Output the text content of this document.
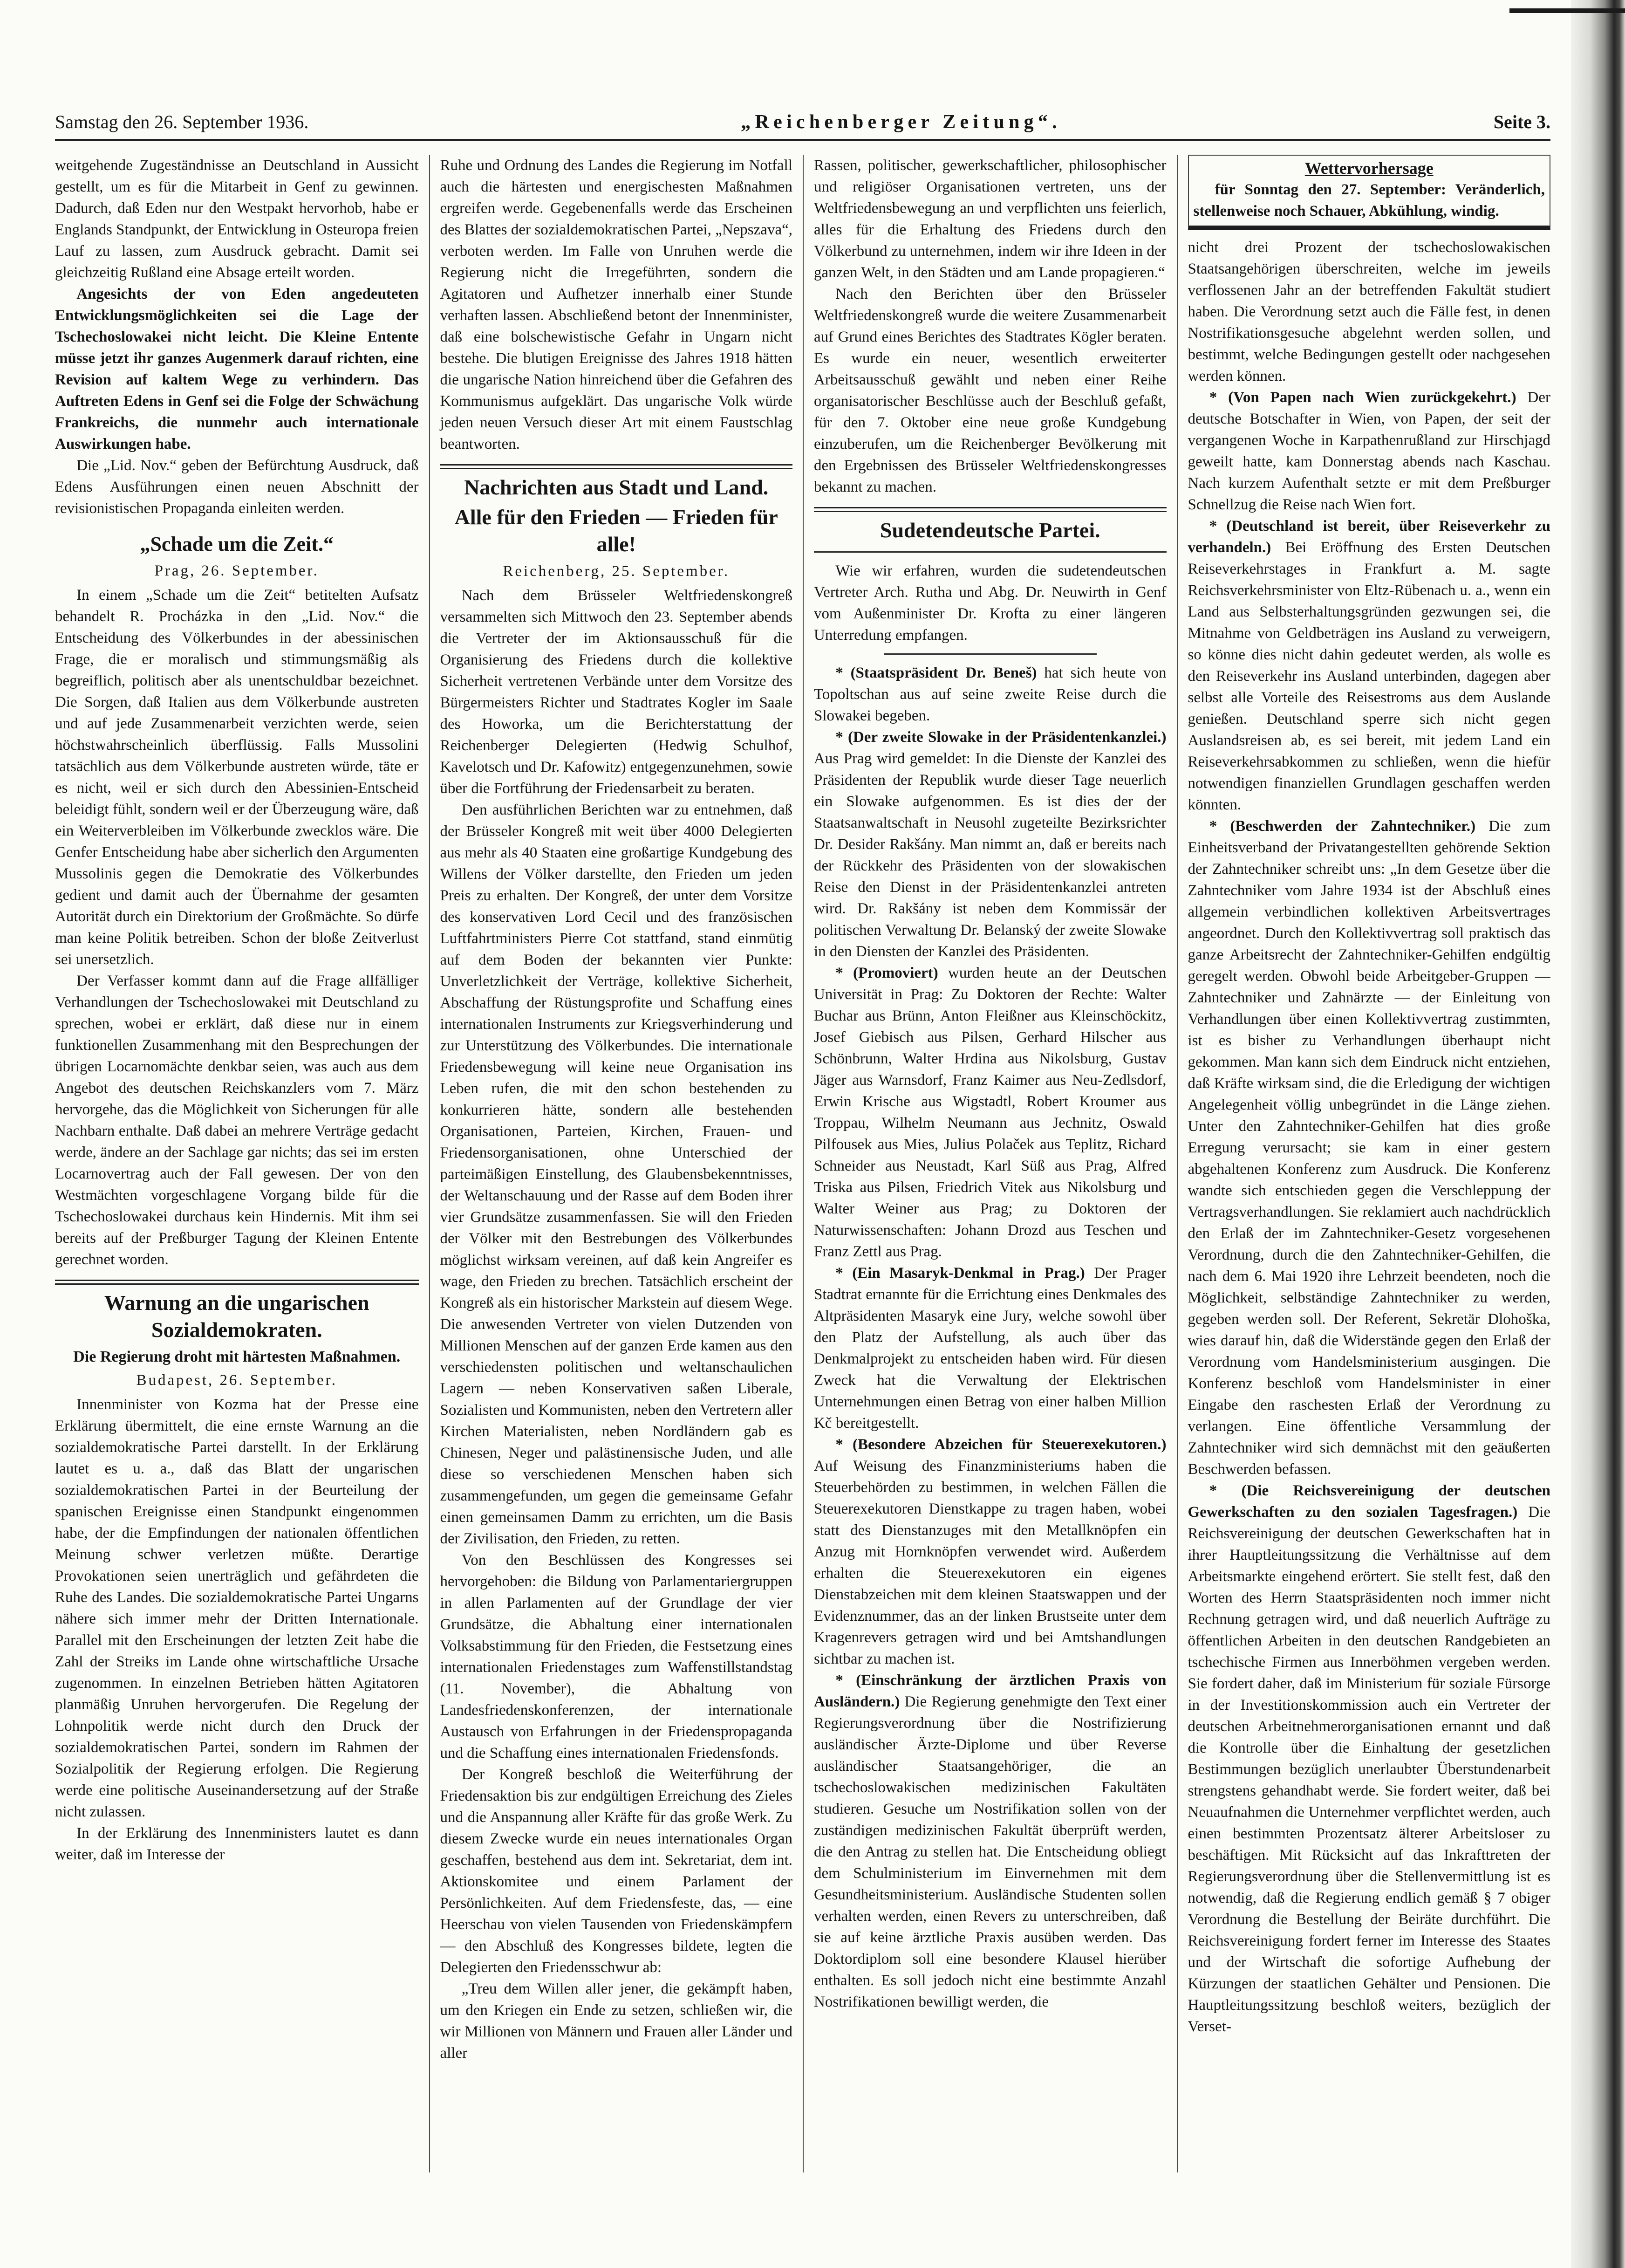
Samstag den 26. September 1936.	„Reichenberger Zeitung“.	Seite 3.

weitgehende Zugeständnisse an Deutschland in Aussicht gestellt, um es für die Mitarbeit in Genf zu gewinnen. Dadurch, daß Eden nur den Westpakt hervorhob, habe er Englands Standpunkt, der Entwicklung in Osteuropa freien Lauf zu lassen, zum Ausdruck gebracht. Damit sei gleichzeitig Rußland eine Absage erteilt worden.

Angesichts der von Eden angedeuteten Entwicklungsmöglichkeiten sei die Lage der Tschechoslowakei nicht leicht. Die Kleine Entente müsse jetzt ihr ganzes Augenmerk darauf richten, eine Revision auf kaltem Wege zu verhindern. Das Auftreten Edens in Genf sei die Folge der Schwächung Frankreichs, die nunmehr auch internationale Auswirkungen habe.

Die „Lid. Nov.“ geben der Befürchtung Ausdruck, daß Edens Ausführungen einen neuen Abschnitt der revisionistischen Propaganda einleiten werden.

„Schade um die Zeit.“
Prag, 26. September.

In einem „Schade um die Zeit“ betitelten Aufsatz behandelt R. Procházka in den „Lid. Nov.“ die Entscheidung des Völkerbundes in der abessinischen Frage, die er moralisch und stimmungsmäßig als begreiflich, politisch aber als unentschuldbar bezeichnet. Die Sorgen, daß Italien aus dem Völkerbunde austreten und auf jede Zusammenarbeit verzichten werde, seien höchstwahrscheinlich überflüssig. Falls Mussolini tatsächlich aus dem Völkerbunde austreten würde, täte er es nicht, weil er sich durch den Abessinien-Entscheid beleidigt fühlt, sondern weil er der Überzeugung wäre, daß ein Weiterverbleiben im Völkerbunde zwecklos wäre. Die Genfer Entscheidung habe aber sicherlich den Argumenten Mussolinis gegen die Demokratie des Völkerbundes gedient und damit auch der Übernahme der gesamten Autorität durch ein Direktorium der Großmächte. So dürfe man keine Politik betreiben. Schon der bloße Zeitverlust sei unersetzlich.

Der Verfasser kommt dann auf die Frage allfälliger Verhandlungen der Tschechoslowakei mit Deutschland zu sprechen, wobei er erklärt, daß diese nur in einem funktionellen Zusammenhang mit den Besprechungen der übrigen Locarnomächte denkbar seien, was auch aus dem Angebot des deutschen Reichskanzlers vom 7. März hervorgehe, das die Möglichkeit von Sicherungen für alle Nachbarn enthalte. Daß dabei an mehrere Verträge gedacht werde, ändere an der Sachlage gar nichts; das sei im ersten Locarnovertrag auch der Fall gewesen. Der von den Westmächten vorgeschlagene Vorgang bilde für die Tschechoslowakei durchaus kein Hindernis. Mit ihm sei bereits auf der Preßburger Tagung der Kleinen Entente gerechnet worden.

Warnung an die ungarischen Sozialdemokraten.
Die Regierung droht mit härtesten Maßnahmen.
Budapest, 26. September.

Innenminister von Kozma hat der Presse eine Erklärung übermittelt, die eine ernste Warnung an die sozialdemokratische Partei darstellt. In der Erklärung lautet es u. a., daß das Blatt der ungarischen sozialdemokratischen Partei in der Beurteilung der spanischen Ereignisse einen Standpunkt eingenommen habe, der die Empfindungen der nationalen öffentlichen Meinung schwer verletzen müßte. Derartige Provokationen seien unerträglich und gefährdeten die Ruhe des Landes. Die sozialdemokratische Partei Ungarns nähere sich immer mehr der Dritten Internationale. Parallel mit den Erscheinungen der letzten Zeit habe die Zahl der Streiks im Lande ohne wirtschaftliche Ursache zugenommen. In einzelnen Betrieben hätten Agitatoren planmäßig Unruhen hervorgerufen. Die Regelung der Lohnpolitik werde nicht durch den Druck der sozialdemokratischen Partei, sondern im Rahmen der Sozialpolitik der Regierung erfolgen. Die Regierung werde eine politische Auseinandersetzung auf der Straße nicht zulassen.

In der Erklärung des Innenministers lautet es dann weiter, daß im Interesse der

Ruhe und Ordnung des Landes die Regierung im Notfall auch die härtesten und energischesten Maßnahmen ergreifen werde. Gegebenenfalls werde das Erscheinen des Blattes der sozialdemokratischen Partei, „Nepszava“, verboten werden. Im Falle von Unruhen werde die Regierung nicht die Irregeführten, sondern die Agitatoren und Aufhetzer innerhalb einer Stunde verhaften lassen. Abschließend betont der Innenminister, daß eine bolschewistische Gefahr in Ungarn nicht bestehe. Die blutigen Ereignisse des Jahres 1918 hätten die ungarische Nation hinreichend über die Gefahren des Kommunismus aufgeklärt. Das ungarische Volk würde jeden neuen Versuch dieser Art mit einem Faustschlag beantworten.

Nachrichten aus Stadt und Land.
Alle für den Frieden — Frieden für alle!
Reichenberg, 25. September.

Nach dem Brüsseler Weltfriedenskongreß versammelten sich Mittwoch den 23. September abends die Vertreter der im Aktionsausschuß für die Organisierung des Friedens durch die kollektive Sicherheit vertretenen Verbände unter dem Vorsitze des Bürgermeisters Richter und Stadtrates Kogler im Saale des Howorka, um die Berichterstattung der Reichenberger Delegierten (Hedwig Schulhof, Kavelotsch und Dr. Kafowitz) entgegenzunehmen, sowie über die Fortführung der Friedensarbeit zu beraten.

Den ausführlichen Berichten war zu entnehmen, daß der Brüsseler Kongreß mit weit über 4000 Delegierten aus mehr als 40 Staaten eine großartige Kundgebung des Willens der Völker darstellte, den Frieden um jeden Preis zu erhalten. Der Kongreß, der unter dem Vorsitze des konservativen Lord Cecil und des französischen Luftfahrtministers Pierre Cot stattfand, stand einmütig auf dem Boden der bekannten vier Punkte: Unverletzlichkeit der Verträge, kollektive Sicherheit, Abschaffung der Rüstungsprofite und Schaffung eines internationalen Instruments zur Kriegsverhinderung und zur Unterstützung des Völkerbundes. Die internationale Friedensbewegung will keine neue Organisation ins Leben rufen, die mit den schon bestehenden zu konkurrieren hätte, sondern alle bestehenden Organisationen, Parteien, Kirchen, Frauen- und Friedensorganisationen, ohne Unterschied der parteimäßigen Einstellung, des Glaubensbekenntnisses, der Weltanschauung und der Rasse auf dem Boden ihrer vier Grundsätze zusammenfassen. Sie will den Frieden der Völker mit den Bestrebungen des Völkerbundes möglichst wirksam vereinen, auf daß kein Angreifer es wage, den Frieden zu brechen. Tatsächlich erscheint der Kongreß als ein historischer Markstein auf diesem Wege. Die anwesenden Vertreter von vielen Dutzenden von Millionen Menschen auf der ganzen Erde kamen aus den verschiedensten politischen und weltanschaulichen Lagern — neben Konservativen saßen Liberale, Sozialisten und Kommunisten, neben den Vertretern aller Kirchen Materialisten, neben Nordländern gab es Chinesen, Neger und palästinensische Juden, und alle diese so verschiedenen Menschen haben sich zusammengefunden, um gegen die gemeinsame Gefahr einen gemeinsamen Damm zu errichten, um die Basis der Zivilisation, den Frieden, zu retten.

Von den Beschlüssen des Kongresses sei hervorgehoben: die Bildung von Parlamentariergruppen in allen Parlamenten auf der Grundlage der vier Grundsätze, die Abhaltung einer internationalen Volksabstimmung für den Frieden, die Festsetzung eines internationalen Friedenstages zum Waffenstillstandstag (11. November), die Abhaltung von Landesfriedenskonferenzen, der internationale Austausch von Erfahrungen in der Friedenspropaganda und die Schaffung eines internationalen Friedensfonds.

Der Kongreß beschloß die Weiterführung der Friedensaktion bis zur endgültigen Erreichung des Zieles und die Anspannung aller Kräfte für das große Werk. Zu diesem Zwecke wurde ein neues internationales Organ geschaffen, bestehend aus dem int. Sekretariat, dem int. Aktionskomitee und einem Parlament der Persönlichkeiten. Auf dem Friedensfeste, das, — eine Heerschau von vielen Tausenden von Friedenskämpfern — den Abschluß des Kongresses bildete, legten die Delegierten den Friedensschwur ab:

„Treu dem Willen aller jener, die gekämpft haben, um den Kriegen ein Ende zu setzen, schließen wir, die wir Millionen von Männern und Frauen aller Länder und aller

Rassen, politischer, gewerkschaftlicher, philosophischer und religiöser Organisationen vertreten, uns der Weltfriedensbewegung an und verpflichten uns feierlich, alles für die Erhaltung des Friedens durch den Völkerbund zu unternehmen, indem wir ihre Ideen in der ganzen Welt, in den Städten und am Lande propagieren.“

Nach den Berichten über den Brüsseler Weltfriedenskongreß wurde die weitere Zusammenarbeit auf Grund eines Berichtes des Stadtrates Kögler beraten. Es wurde ein neuer, wesentlich erweiterter Arbeitsausschuß gewählt und neben einer Reihe organisatorischer Beschlüsse auch der Beschluß gefaßt, für den 7. Oktober eine neue große Kundgebung einzuberufen, um die Reichenberger Bevölkerung mit den Ergebnissen des Brüsseler Weltfriedenskongresses bekannt zu machen.

Sudetendeutsche Partei.

Wie wir erfahren, wurden die sudetendeutschen Vertreter Arch. Rutha und Abg. Dr. Neuwirth in Genf vom Außenminister Dr. Krofta zu einer längeren Unterredung empfangen.

* (Staatspräsident Dr. Beneš) hat sich heute von Topoltschan aus auf seine zweite Reise durch die Slowakei begeben.

* (Der zweite Slowake in der Präsidentenkanzlei.) Aus Prag wird gemeldet: In die Dienste der Kanzlei des Präsidenten der Republik wurde dieser Tage neuerlich ein Slowake aufgenommen. Es ist dies der der Staatsanwaltschaft in Neusohl zugeteilte Bezirksrichter Dr. Desider Rakšány. Man nimmt an, daß er bereits nach der Rückkehr des Präsidenten von der slowakischen Reise den Dienst in der Präsidentenkanzlei antreten wird. Dr. Rakšány ist neben dem Kommissär der politischen Verwaltung Dr. Belanský der zweite Slowake in den Diensten der Kanzlei des Präsidenten.

* (Promoviert) wurden heute an der Deutschen Universität in Prag: Zu Doktoren der Rechte: Walter Buchar aus Brünn, Anton Fleißner aus Kleinschöckitz, Josef Giebisch aus Pilsen, Gerhard Hilscher aus Schönbrunn, Walter Hrdina aus Nikolsburg, Gustav Jäger aus Warnsdorf, Franz Kaimer aus Neu-Zedlsdorf, Erwin Krische aus Wigstadtl, Robert Kroumer aus Troppau, Wilhelm Neumann aus Jechnitz, Oswald Pilfousek aus Mies, Julius Polaček aus Teplitz, Richard Schneider aus Neustadt, Karl Süß aus Prag, Alfred Triska aus Pilsen, Friedrich Vitek aus Nikolsburg und Walter Weiner aus Prag; zu Doktoren der Naturwissenschaften: Johann Drozd aus Teschen und Franz Zettl aus Prag.

* (Ein Masaryk-Denkmal in Prag.) Der Prager Stadtrat ernannte für die Errichtung eines Denkmales des Altpräsidenten Masaryk eine Jury, welche sowohl über den Platz der Aufstellung, als auch über das Denkmalprojekt zu entscheiden haben wird. Für diesen Zweck hat die Verwaltung der Elektrischen Unternehmungen einen Betrag von einer halben Million Kč bereitgestellt.

* (Besondere Abzeichen für Steuerexekutoren.) Auf Weisung des Finanzministeriums haben die Steuerbehörden zu bestimmen, in welchen Fällen die Steuerexekutoren Dienstkappe zu tragen haben, wobei statt des Dienstanzuges mit den Metallknöpfen ein Anzug mit Hornknöpfen verwendet wird. Außerdem erhalten die Steuerexekutoren ein eigenes Dienstabzeichen mit dem kleinen Staatswappen und der Evidenznummer, das an der linken Brustseite unter dem Kragenrevers getragen wird und bei Amtshandlungen sichtbar zu machen ist.

* (Einschränkung der ärztlichen Praxis von Ausländern.) Die Regierung genehmigte den Text einer Regierungsverordnung über die Nostrifizierung ausländischer Ärzte-Diplome und über Reverse ausländischer Staatsangehöriger, die an tschechoslowakischen medizinischen Fakultäten studieren. Gesuche um Nostrifikation sollen von der zuständigen medizinischen Fakultät überprüft werden, die den Antrag zu stellen hat. Die Entscheidung obliegt dem Schulministerium im Einvernehmen mit dem Gesundheitsministerium. Ausländische Studenten sollen verhalten werden, einen Revers zu unterschreiben, daß sie auf keine ärztliche Praxis ausüben werden. Das Doktordiplom soll eine besondere Klausel hierüber enthalten. Es soll jedoch nicht eine bestimmte Anzahl Nostrifikationen bewilligt werden, die

Wettervorhersage

für Sonntag den 27. September: Veränderlich, stellenweise noch Schauer, Abkühlung, windig.

nicht drei Prozent der tschechoslowakischen Staatsangehörigen überschreiten, welche im jeweils verflossenen Jahr an der betreffenden Fakultät studiert haben. Die Verordnung setzt auch die Fälle fest, in denen Nostrifikationsgesuche abgelehnt werden sollen, und bestimmt, welche Bedingungen gestellt oder nachgesehen werden können.

* (Von Papen nach Wien zurückgekehrt.) Der deutsche Botschafter in Wien, von Papen, der seit der vergangenen Woche in Karpathenrußland zur Hirschjagd geweilt hatte, kam Donnerstag abends nach Kaschau. Nach kurzem Aufenthalt setzte er mit dem Preßburger Schnellzug die Reise nach Wien fort.

* (Deutschland ist bereit, über Reiseverkehr zu verhandeln.) Bei Eröffnung des Ersten Deutschen Reiseverkehrstages in Frankfurt a. M. sagte Reichsverkehrsminister von Eltz-Rübenach u. a., wenn ein Land aus Selbsterhaltungsgründen gezwungen sei, die Mitnahme von Geldbeträgen ins Ausland zu verweigern, so könne dies nicht dahin gedeutet werden, als wolle es den Reiseverkehr ins Ausland unterbinden, dagegen aber selbst alle Vorteile des Reisestroms aus dem Auslande genießen. Deutschland sperre sich nicht gegen Auslandsreisen ab, es sei bereit, mit jedem Land ein Reiseverkehrsabkommen zu schließen, wenn die hiefür notwendigen finanziellen Grundlagen geschaffen werden könnten.

* (Beschwerden der Zahntechniker.) Die zum Einheitsverband der Privatangestellten gehörende Sektion der Zahntechniker schreibt uns: „In dem Gesetze über die Zahntechniker vom Jahre 1934 ist der Abschluß eines allgemein verbindlichen kollektiven Arbeitsvertrages angeordnet. Durch den Kollektivvertrag soll praktisch das ganze Arbeitsrecht der Zahntechniker-Gehilfen endgültig geregelt werden. Obwohl beide Arbeitgeber-Gruppen — Zahntechniker und Zahnärzte — der Einleitung von Verhandlungen über einen Kollektivvertrag zustimmten, ist es bisher zu Verhandlungen überhaupt nicht gekommen. Man kann sich dem Eindruck nicht entziehen, daß Kräfte wirksam sind, die die Erledigung der wichtigen Angelegenheit völlig unbegründet in die Länge ziehen. Unter den Zahntechniker-Gehilfen hat dies große Erregung verursacht; sie kam in einer gestern abgehaltenen Konferenz zum Ausdruck. Die Konferenz wandte sich entschieden gegen die Verschleppung der Vertragsverhandlungen. Sie reklamiert auch nachdrücklich den Erlaß der im Zahntechniker-Gesetz vorgesehenen Verordnung, durch die den Zahntechniker-Gehilfen, die nach dem 6. Mai 1920 ihre Lehrzeit beendeten, noch die Möglichkeit, selbständige Zahntechniker zu werden, gegeben werden soll. Der Referent, Sekretär Dlohoška, wies darauf hin, daß die Widerstände gegen den Erlaß der Verordnung vom Handelsministerium ausgingen. Die Konferenz beschloß vom Handelsminister in einer Eingabe den raschesten Erlaß der Verordnung zu verlangen. Eine öffentliche Versammlung der Zahntechniker wird sich demnächst mit den geäußerten Beschwerden befassen.

* (Die Reichsvereinigung der deutschen Gewerkschaften zu den sozialen Tagesfragen.) Die Reichsvereinigung der deutschen Gewerkschaften hat in ihrer Hauptleitungssitzung die Verhältnisse auf dem Arbeitsmarkte eingehend erörtert. Sie stellt fest, daß den Worten des Herrn Staatspräsidenten noch immer nicht Rechnung getragen wird, und daß neuerlich Aufträge zu öffentlichen Arbeiten in den deutschen Randgebieten an tschechische Firmen aus Innerböhmen vergeben werden. Sie fordert daher, daß im Ministerium für soziale Fürsorge in der Investitionskommission auch ein Vertreter der deutschen Arbeitnehmerorganisationen ernannt und daß die Kontrolle über die Einhaltung der gesetzlichen Bestimmungen bezüglich unerlaubter Überstundenarbeit strengstens gehandhabt werde. Sie fordert weiter, daß bei Neuaufnahmen die Unternehmer verpflichtet werden, auch einen bestimmten Prozentsatz älterer Arbeitsloser zu beschäftigen. Mit Rücksicht auf das Inkrafttreten der Regierungsverordnung über die Stellenvermittlung ist es notwendig, daß die Regierung endlich gemäß § 7 obiger Verordnung die Bestellung der Beiräte durchführt. Die Reichsvereinigung fordert ferner im Interesse des Staates und der Wirtschaft die sofortige Aufhebung der Kürzungen der staatlichen Gehälter und Pensionen. Die Hauptleitungssitzung beschloß weiters, bezüglich der Verset-
